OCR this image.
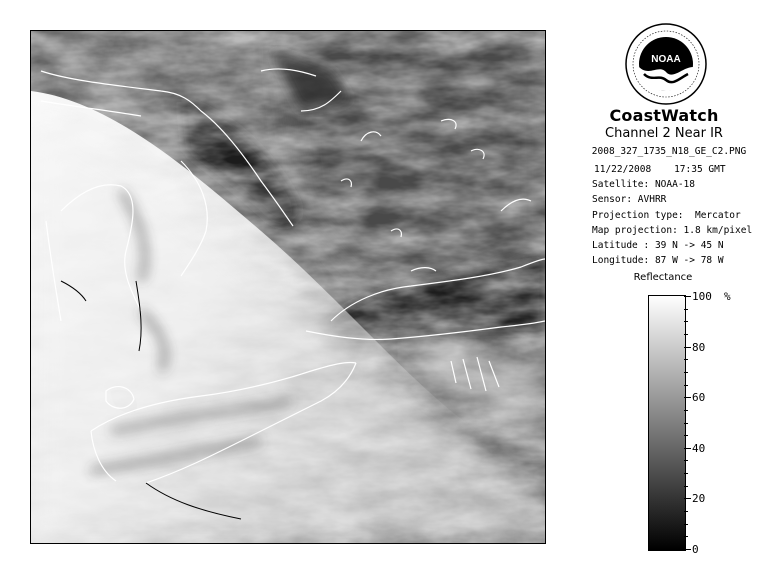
NOAA
CoastWatch
Channel 2 Near IR
2008_327_1735_N18_GE_C2.PNG
11/22/2008    17:35 GMT
Satellite: NOAA-18
Sensor: AVHRR
Projection type: Mercator
Map projection: 1.8 km/pixel
Latitude : 39 N -> 45 N
Longitude: 87 W -> 78 W
Reflectance
%
100
80
60
40
20
0
